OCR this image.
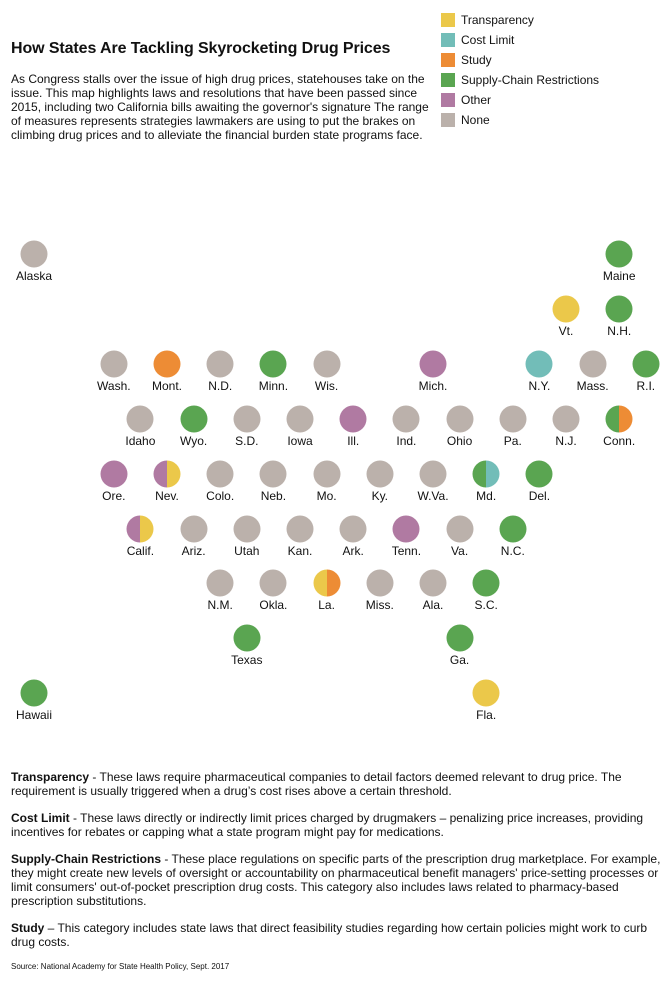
How States Are Tackling Skyrocketing Drug Prices
As Congress stalls over the issue of high drug prices, statehouses take on the issue. This map highlights laws and resolutions that have been passed since 2015, including two California bills awaiting the governor's signature The range of measures represents strategies lawmakers are using to put the brakes on climbing drug prices and to alleviate the financial burden state programs face.
Transparency
Cost Limit
Study
Supply-Chain Restrictions
Other
None
Alaska	Maine
Vt.	N.H.
Wash.	Mont.	N.D.	Minn.	Wis.	Mich.	N.Y.	Mass.	R.I.
Idaho	Wyo.	S.D.	Iowa	Ill.	Ind.	Ohio	Pa.	N.J.	Conn.
Ore.	Nev.	Colo.	Neb.	Mo.	Ky.	W.Va.	Md.	Del.
Calif.	Ariz.	Utah	Kan.	Ark.	Tenn.	Va.	N.C.
N.M.	Okla.	La.	Miss.	Ala.	S.C.
Texas	Ga.
Hawaii	Fla.
Transparency - These laws require pharmaceutical companies to detail factors deemed relevant to drug price. The requirement is usually triggered when a drug’s cost rises above a certain threshold.
Cost Limit - These laws directly or indirectly limit prices charged by drugmakers – penalizing price increases, providing incentives for rebates or capping what a state program might pay for medications.
Supply-Chain Restrictions - These place regulations on specific parts of the prescription drug marketplace. For example, they might create new levels of oversight or accountability on pharmaceutical benefit managers' price-setting processes or limit consumers' out-of-pocket prescription drug costs. This category also includes laws related to pharmacy-based prescription substitutions.
Study – This category includes state laws that direct feasibility studies regarding how certain policies might work to curb drug costs.
Source: National Academy for State Health Policy, Sept. 2017
